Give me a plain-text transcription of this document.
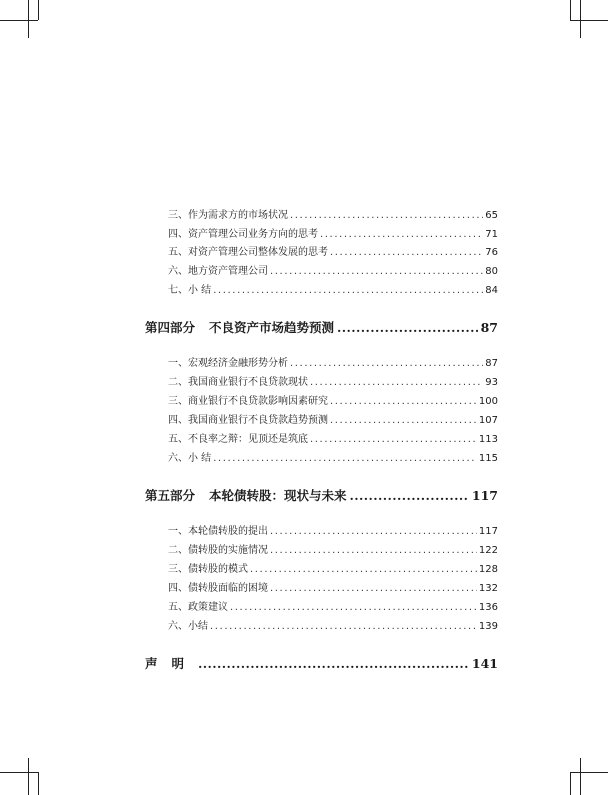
三、作为需求方的市场状况 .....	65
四、资产管理公司业务方向的思考 .....	71
五、对资产管理公司整体发展的思考 .....	76
六、地方资产管理公司 .....	80
七、小 结 .....	84
第四部分 不良资产市场趋势预测 .....	87
一、宏观经济金融形势分析 .....	87
二、我国商业银行不良贷款现状 .....	93
三、商业银行不良贷款影响因素研究 .....	100
四、我国商业银行不良贷款趋势预测 .....	107
五、不良率之辩：见顶还是筑底 .....	113
六、小 结 .....	115
第五部分 本轮债转股：现状与未来 .....	117
一、本轮债转股的提出 .....	117
二、债转股的实施情况 .....	122
三、债转股的模式 .....	128
四、债转股面临的困境 .....	132
五、政策建议 .....	136
六、小结 .....	139
声明 .....	141
